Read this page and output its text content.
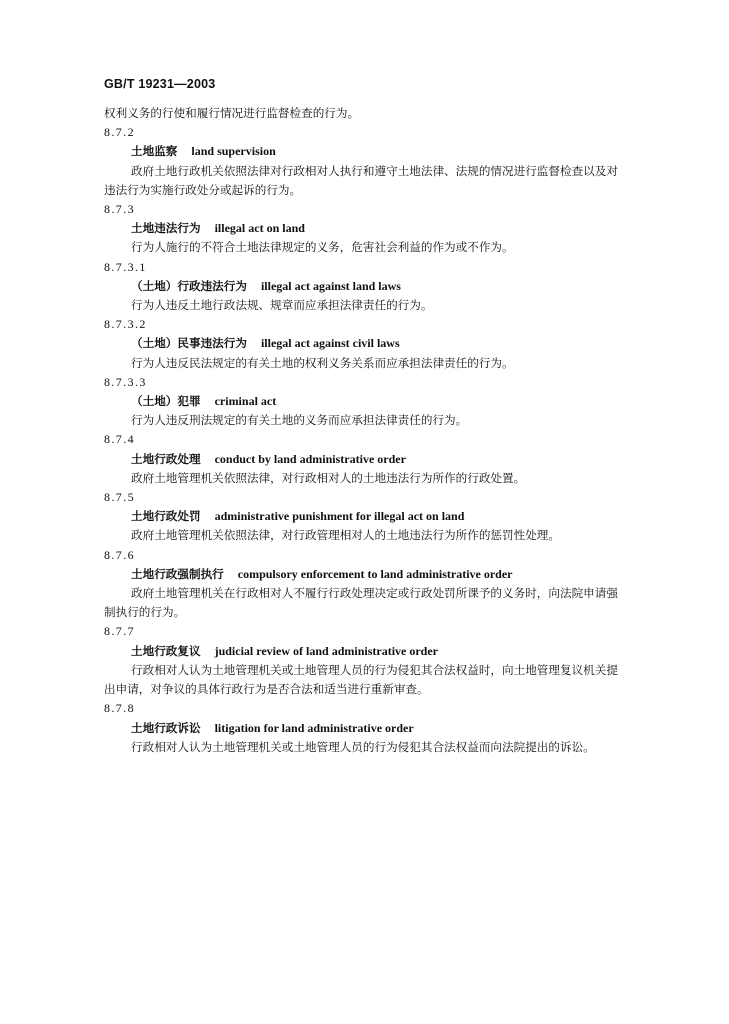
GB/T 19231—2003

权利义务的行使和履行情况进行监督检查的行为。

8.7.2

土地监察 land supervision

政府土地行政机关依照法律对行政相对人执行和遵守土地法律、法规的情况进行监督检查以及对

违法行为实施行政处分或起诉的行为。

8.7.3

土地违法行为 illegal act on land

行为人施行的不符合土地法律规定的义务，危害社会利益的作为或不作为。

8.7.3.1

（土地）行政违法行为 illegal act against land laws

行为人违反土地行政法规、规章而应承担法律责任的行为。

8.7.3.2

（土地）民事违法行为 illegal act against civil laws

行为人违反民法规定的有关土地的权利义务关系而应承担法律责任的行为。

8.7.3.3

（土地）犯罪 criminal act

行为人违反刑法规定的有关土地的义务而应承担法律责任的行为。

8.7.4

土地行政处理 conduct by land administrative order

政府土地管理机关依照法律，对行政相对人的土地违法行为所作的行政处置。

8.7.5

土地行政处罚 administrative punishment for illegal act on land

政府土地管理机关依照法律，对行政管理相对人的土地违法行为所作的惩罚性处理。

8.7.6

土地行政强制执行 compulsory enforcement to land administrative order

政府土地管理机关在行政相对人不履行行政处理决定或行政处罚所课予的义务时，向法院申请强

制执行的行为。

8.7.7

土地行政复议 judicial review of land administrative order

行政相对人认为土地管理机关或土地管理人员的行为侵犯其合法权益时，向土地管理复议机关提

出申请，对争议的具体行政行为是否合法和适当进行重新审查。

8.7.8

土地行政诉讼 litigation for land administrative order

行政相对人认为土地管理机关或土地管理人员的行为侵犯其合法权益而向法院提出的诉讼。
